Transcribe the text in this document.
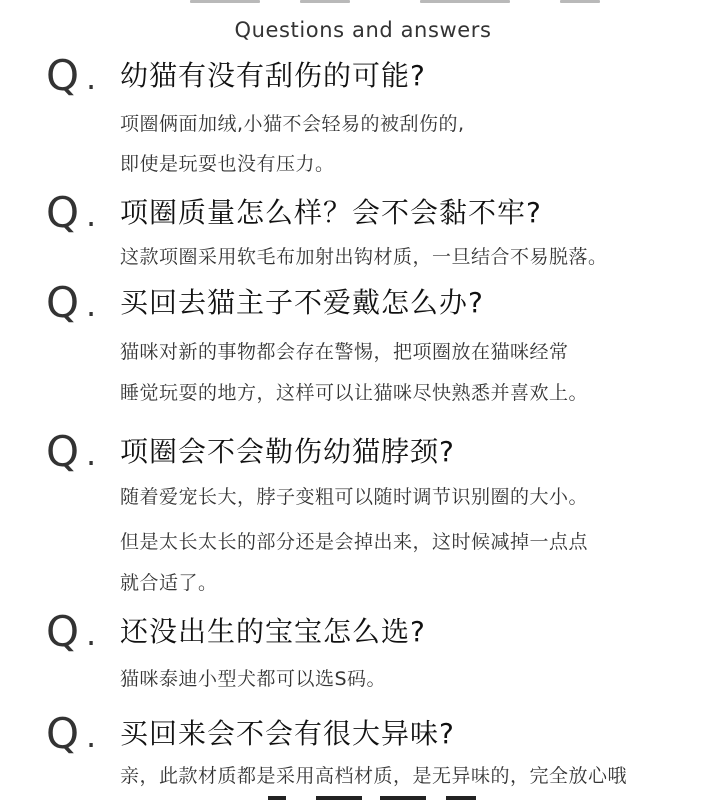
Questions and answers
Q . 幼猫有没有刮伤的可能?
项圈俩面加绒,小猫不会轻易的被刮伤的,
即使是玩耍也没有压力。
Q . 项圈质量怎么样？会不会黏不牢?
这款项圈采用软毛布加射出钩材质，一旦结合不易脱落。
Q . 买回去猫主子不爱戴怎么办?
猫咪对新的事物都会存在警惕，把项圈放在猫咪经常
睡觉玩耍的地方，这样可以让猫咪尽快熟悉并喜欢上。
Q . 项圈会不会勒伤幼猫脖颈?
随着爱宠长大，脖子变粗可以随时调节识别圈的大小。
但是太长太长的部分还是会掉出来，这时候减掉一点点
就合适了。
Q . 还没出生的宝宝怎么选?
猫咪泰迪小型犬都可以选S码。
Q . 买回来会不会有很大异味?
亲，此款材质都是采用高档材质，是无异味的，完全放心哦
